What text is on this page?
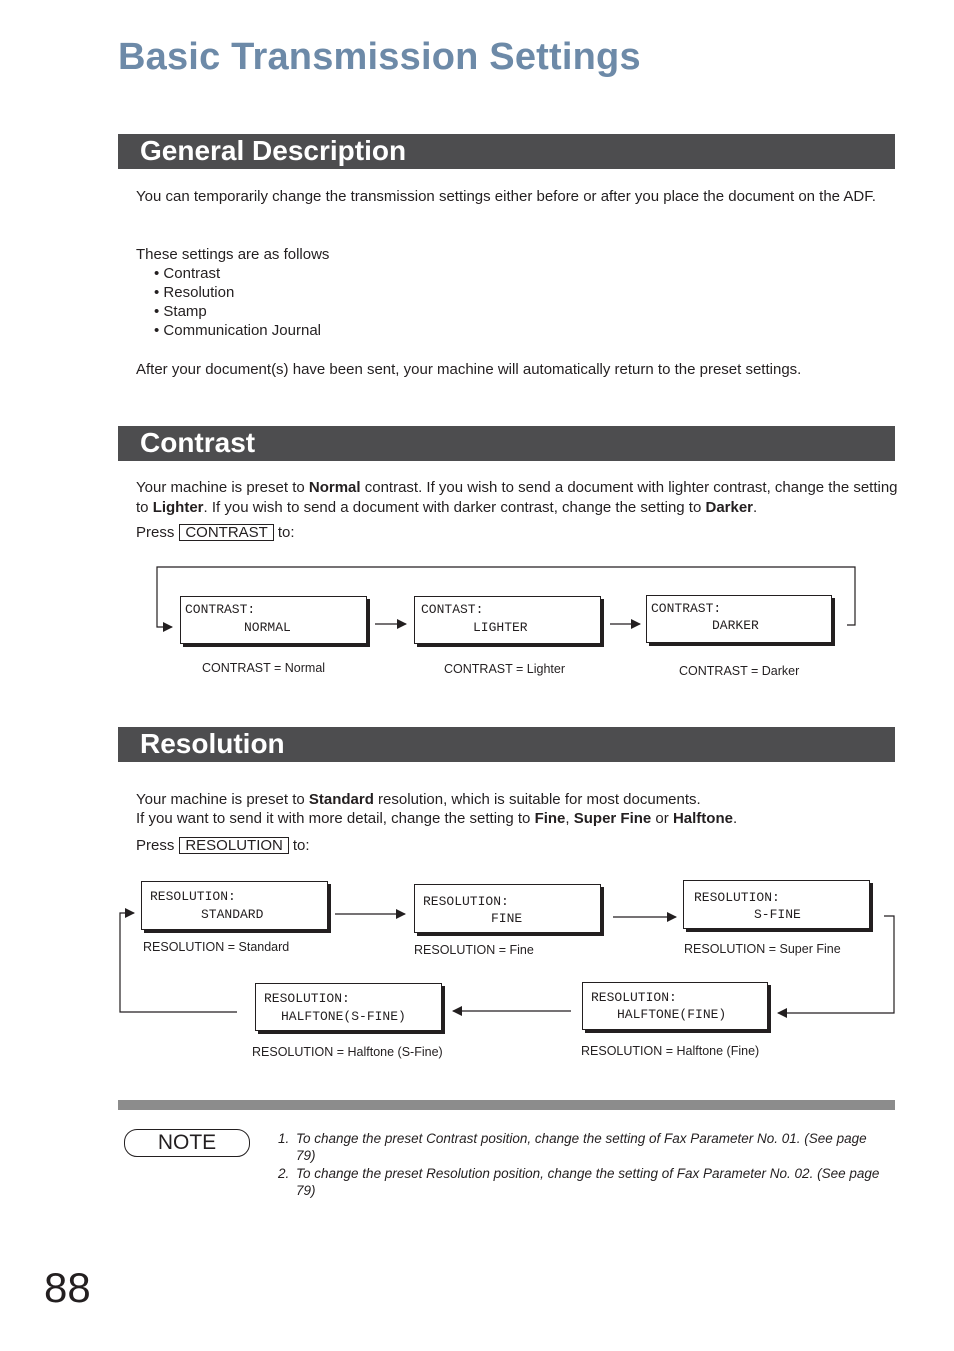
Basic Transmission Settings
General Description
You can temporarily change the transmission settings either before or after you place the document on the ADF.
These settings are as follows
• Contrast
• Resolution
• Stamp
• Communication Journal
After your document(s) have been sent, your machine will automatically return to the preset settings.
Contrast
Your machine is preset to Normal contrast. If you wish to send a document with lighter contrast, change the setting to Lighter. If you wish to send a document with darker contrast, change the setting to Darker.
Press CONTRAST to:
CONTRAST:
NORMAL
CONTAST:
LIGHTER
CONTRAST:
DARKER
CONTRAST = Normal	CONTRAST = Lighter	CONTRAST = Darker
Resolution
Your machine is preset to Standard resolution, which is suitable for most documents.
If you want to send it with more detail, change the setting to Fine, Super Fine or Halftone.
Press RESOLUTION to:
RESOLUTION:
STANDARD
RESOLUTION:
FINE
RESOLUTION:
S-FINE
RESOLUTION:
HALFTONE(FINE)
RESOLUTION:
HALFTONE(S-FINE)
RESOLUTION = Standard	RESOLUTION = Fine	RESOLUTION = Super Fine
RESOLUTION = Halftone (Fine)
RESOLUTION = Halftone (S-Fine)
NOTE	1. To change the preset Contrast position, change the setting of Fax Parameter No. 01. (See page 79)
2. To change the preset Resolution position, change the setting of Fax Parameter No. 02. (See page 79)
88
